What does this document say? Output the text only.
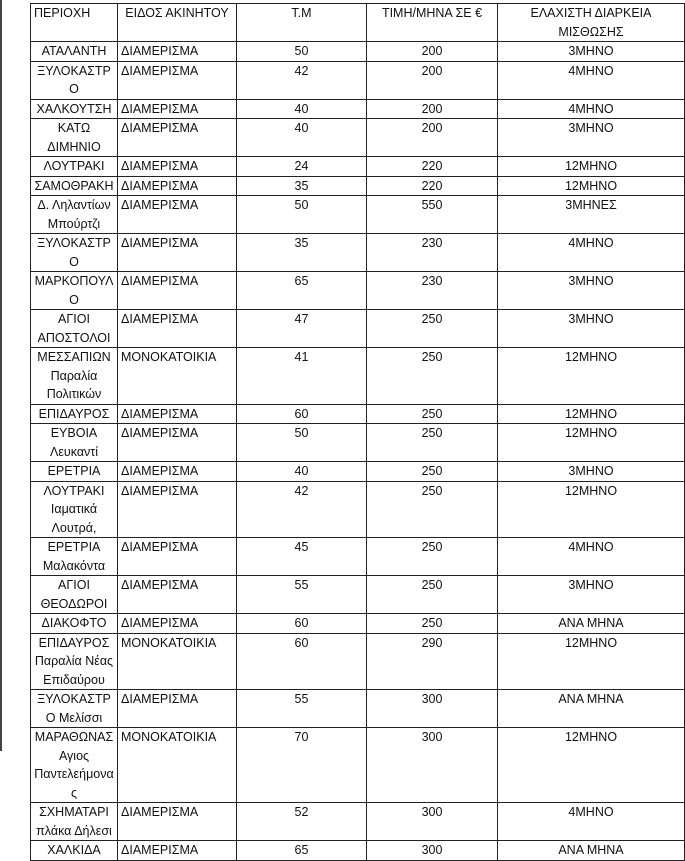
ΠΕΡΙΟΧΗ	ΕΙΔΟΣ ΑΚΙΝΗΤΟΥ	Τ.Μ	ΤΙΜΗ/ΜΗΝΑ ΣΕ €	ΕΛΑΧΙΣΤΗ ΔΙΑΡΚΕΙΑ ΜΙΣΘΩΣΗΣ
ΑΤΑΛΑΝΤΗ	ΔΙΑΜΕΡΙΣΜΑ	50	200	3ΜΗΝΟ
ΞΥΛΟΚΑΣΤΡΟ	ΔΙΑΜΕΡΙΣΜΑ	42	200	4ΜΗΝΟ
ΧΑΛΚΟΥΤΣΗ	ΔΙΑΜΕΡΙΣΜΑ	40	200	4ΜΗΝΟ
ΚΑΤΩ ΔΙΜΗΝΙΟ	ΔΙΑΜΕΡΙΣΜΑ	40	200	3ΜΗΝΟ
ΛΟΥΤΡΑΚΙ	ΔΙΑΜΕΡΙΣΜΑ	24	220	12ΜΗΝΟ
ΣΑΜΟΘΡΑΚΗ	ΔΙΑΜΕΡΙΣΜΑ	35	220	12ΜΗΝΟ
Δ. Ληλαντίων Μπούρτζι	ΔΙΑΜΕΡΙΣΜΑ	50	550	3ΜΗΝΕΣ
ΞΥΛΟΚΑΣΤΡΟ	ΔΙΑΜΕΡΙΣΜΑ	35	230	4ΜΗΝΟ
ΜΑΡΚΟΠΟΥΛΟ	ΔΙΑΜΕΡΙΣΜΑ	65	230	3ΜΗΝΟ
ΑΓΙΟΙ ΑΠΟΣΤΟΛΟΙ	ΔΙΑΜΕΡΙΣΜΑ	47	250	3ΜΗΝΟ
ΜΕΣΣΑΠΙΩΝ Παραλία Πολιτικών	ΜΟΝΟΚΑΤΟΙΚΙΑ	41	250	12ΜΗΝΟ
ΕΠΙΔΑΥΡΟΣ	ΔΙΑΜΕΡΙΣΜΑ	60	250	12ΜΗΝΟ
ΕΥΒΟΙΑ Λευκαντί	ΔΙΑΜΕΡΙΣΜΑ	50	250	12ΜΗΝΟ
ΕΡΕΤΡΙΑ	ΔΙΑΜΕΡΙΣΜΑ	40	250	3ΜΗΝΟ
ΛΟΥΤΡΑΚΙ Ιαματικά Λουτρά,	ΔΙΑΜΕΡΙΣΜΑ	42	250	12ΜΗΝΟ
ΕΡΕΤΡΙΑ Μαλακόντα	ΔΙΑΜΕΡΙΣΜΑ	45	250	4ΜΗΝΟ
ΑΓΙΟΙ ΘΕΟΔΩΡΟΙ	ΔΙΑΜΕΡΙΣΜΑ	55	250	3ΜΗΝΟ
ΔΙΑΚΟΦΤΟ	ΔΙΑΜΕΡΙΣΜΑ	60	250	ΑΝΑ ΜΗΝΑ
ΕΠΙΔΑΥΡΟΣ Παραλία Νέας Επιδαύρου	ΜΟΝΟΚΑΤΟΙΚΙΑ	60	290	12ΜΗΝΟ
ΞΥΛΟΚΑΣΤΡΟ Μελίσσι	ΔΙΑΜΕΡΙΣΜΑ	55	300	ΑΝΑ ΜΗΝΑ
ΜΑΡΑΘΩΝΑΣ Αγιος Παντελεήμονας	ΜΟΝΟΚΑΤΟΙΚΙΑ	70	300	12ΜΗΝΟ
ΣΧΗΜΑΤΑΡΙ πλάκα Δήλεσι	ΔΙΑΜΕΡΙΣΜΑ	52	300	4ΜΗΝΟ
ΧΑΛΚΙΔΑ	ΔΙΑΜΕΡΙΣΜΑ	65	300	ΑΝΑ ΜΗΝΑ
